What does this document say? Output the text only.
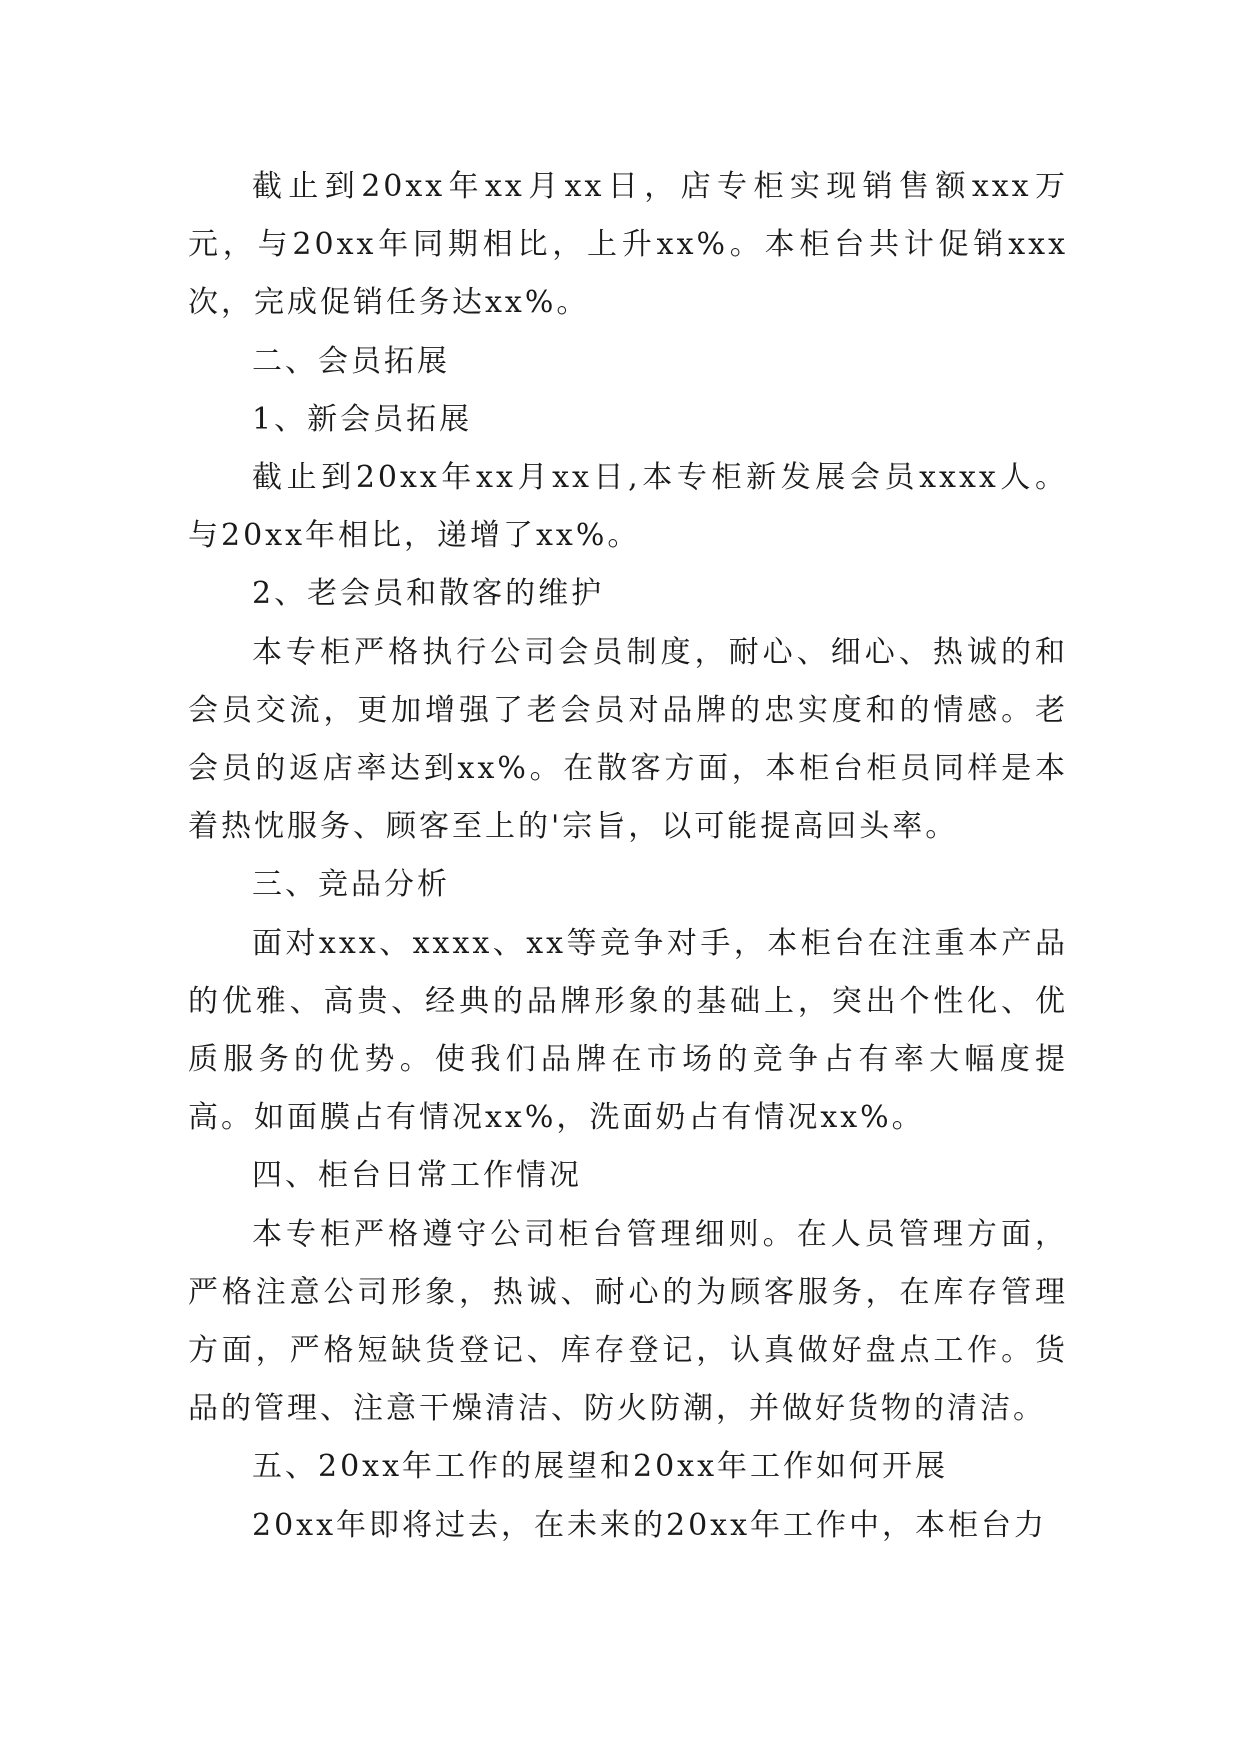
截止到20xx年xx月xx日，店专柜实现销售额xxx万元，与20xx年同期相比，上升xx%。本柜台共计促销xxx次，完成促销任务达xx%。

二、会员拓展

1、新会员拓展

截止到20xx年xx月xx日,本专柜新发展会员xxxx人。与20xx年相比，递增了xx%。

2、老会员和散客的维护

本专柜严格执行公司会员制度，耐心、细心、热诚的和会员交流，更加增强了老会员对品牌的忠实度和的情感。老会员的返店率达到xx%。在散客方面，本柜台柜员同样是本着热忱服务、顾客至上的'宗旨，以可能提高回头率。

三、竞品分析

面对xxx、xxxx、xx等竞争对手，本柜台在注重本产品的优雅、高贵、经典的品牌形象的基础上，突出个性化、优质服务的优势。使我们品牌在市场的竞争占有率大幅度提高。如面膜占有情况xx%，洗面奶占有情况xx%。

四、柜台日常工作情况

本专柜严格遵守公司柜台管理细则。在人员管理方面，严格注意公司形象，热诚、耐心的为顾客服务，在库存管理方面，严格短缺货登记、库存登记，认真做好盘点工作。货品的管理、注意干燥清洁、防火防潮，并做好货物的清洁。

五、20xx年工作的展望和20xx年工作如何开展

20xx年即将过去，在未来的20xx年工作中，本柜台力
